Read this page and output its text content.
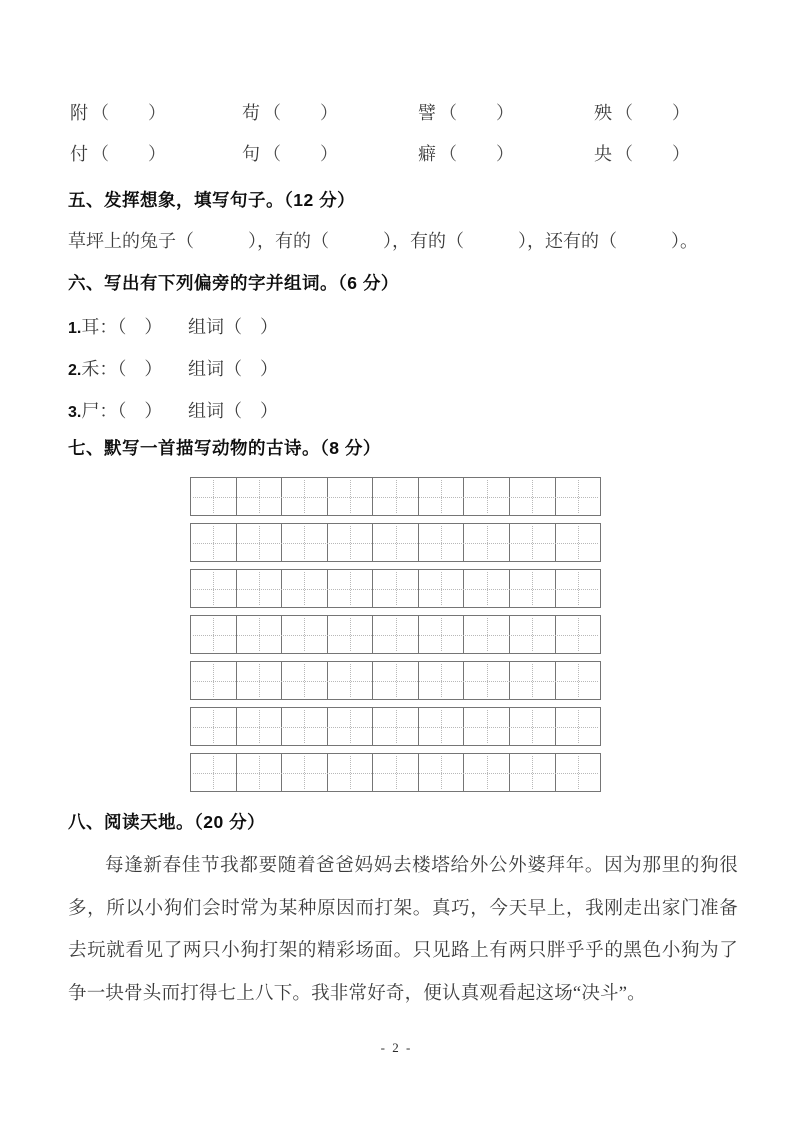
附 （　　）	苟 （　　）	譬 （　　）	殃 （　　）
付 （　　）	句 （　　）	癖 （　　）	央 （　　）
五、发挥想象，填写句子。（12 分）
草坪上的兔子（　　　），有的（　　　），有的（　　　），还有的（　　　）。
六、写出有下列偏旁的字并组词。（6 分）
1.耳：（　） 组词（　）
2.禾：（　） 组词（　）
3.尸：（　） 组词（　）
七、默写一首描写动物的古诗。（8 分）
八、阅读天地。（20 分）
每逢新春佳节我都要随着爸爸妈妈去楼塔给外公外婆拜年。因为那里的狗很多，所以小狗们会时常为某种原因而打架。真巧，今天早上，我刚走出家门准备去玩就看见了两只小狗打架的精彩场面。只见路上有两只胖乎乎的黑色小狗为了争一块骨头而打得七上八下。我非常好奇，便认真观看起这场“决斗”。
- 2 -
